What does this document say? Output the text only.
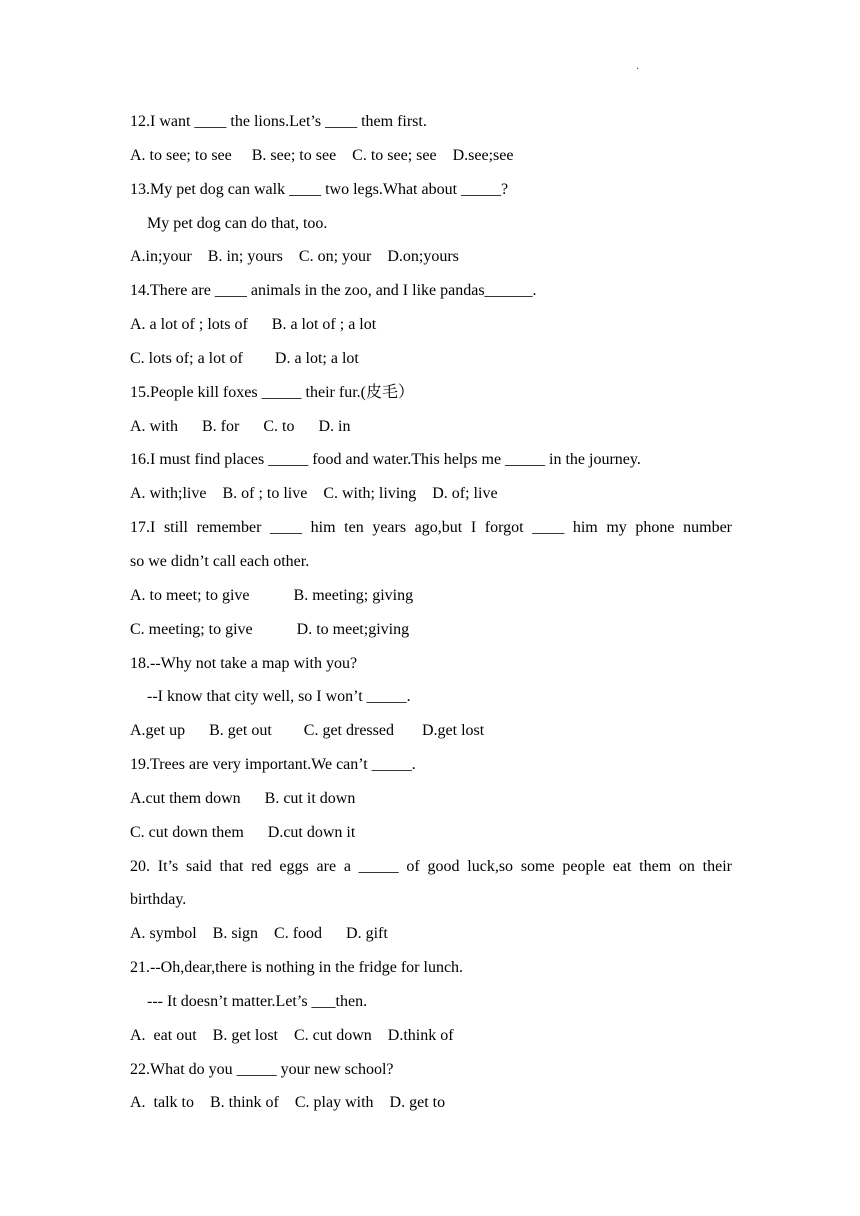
·
12.I want ____ the lions.Let’s ____ them first.
A. to see; to see     B. see; to see    C. to see; see    D.see;see
13.My pet dog can walk ____ two legs.What about _____?
My pet dog can do that, too.
A.in;your    B. in; yours    C. on; your    D.on;yours
14.There are ____ animals in the zoo, and I like pandas______.
A. a lot of ; lots of      B. a lot of ; a lot
C. lots of; a lot of        D. a lot; a lot
15.People kill foxes _____ their fur.(皮毛）
A. with      B. for      C. to      D. in
16.I must find places _____ food and water.This helps me _____ in the journey.
A. with;live    B. of ; to live    C. with; living    D. of; live
17.I still remember ____ him ten years ago,but I forgot ____ him my phone number
so we didn’t call each other.
A. to meet; to give           B. meeting; giving
C. meeting; to give           D. to meet;giving
18.--Why not take a map with you?
--I know that city well, so I won’t _____.
A.get up      B. get out        C. get dressed       D.get lost
19.Trees are very important.We can’t _____.
A.cut them down      B. cut it down
C. cut down them      D.cut down it
20. It’s said that red eggs are a _____ of good luck,so some people eat them on their
birthday.
A. symbol    B. sign    C. food      D. gift
21.--Oh,dear,there is nothing in the fridge for lunch.
--- It doesn’t matter.Let’s ___then.
A.  eat out    B. get lost    C. cut down    D.think of
22.What do you _____ your new school?
A.  talk to    B. think of    C. play with    D. get to
